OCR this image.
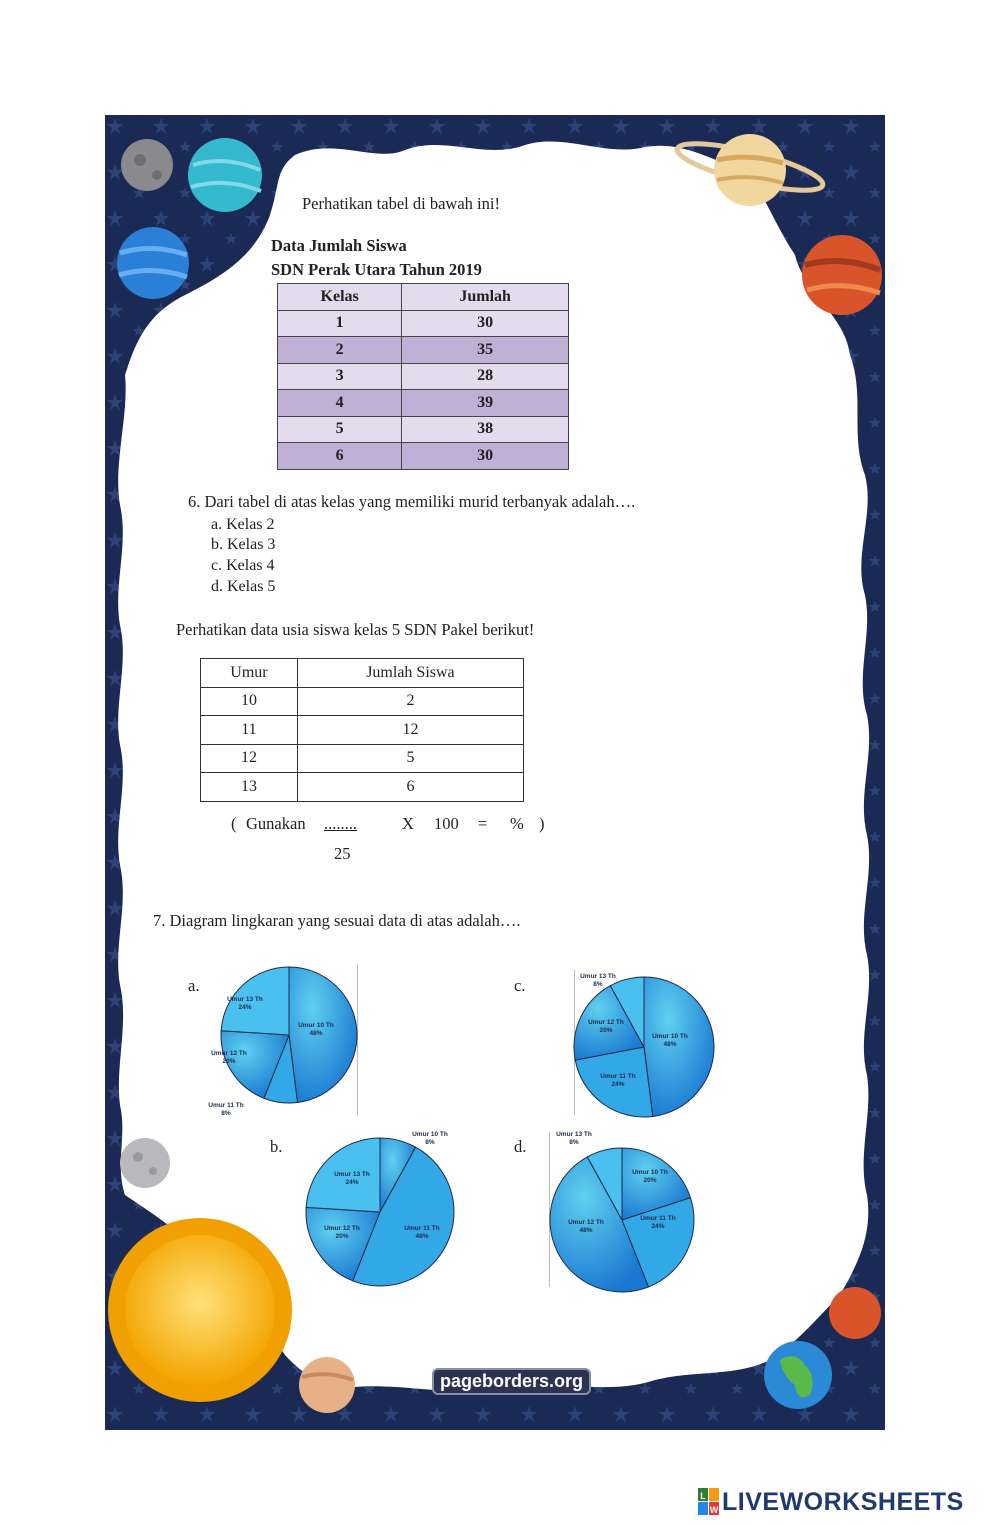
Perhatikan tabel di bawah ini!
Data Jumlah Siswa
SDN Perak Utara Tahun 2019
Kelas	Jumlah
1	30
2	35
3	28
4	39
5	38
6	30
6. Dari tabel di atas kelas yang memiliki murid terbanyak adalah….
a. Kelas 2
b. Kelas 3
c. Kelas 4
d. Kelas 5
Perhatikan data usia siswa kelas 5 SDN Pakel berikut!
Umur	Jumlah Siswa
10	2
11	12
12	5
13	6
( Gunakan ........	X 100 = % )
25
7. Diagram lingkaran yang sesuai data di atas adalah….
a.
b.
c.
d.
Umur 10 Th
48%
Umur 11 Th
8%
Umur 12 Th
20%
Umur 13 Th
24%
Umur 10 Th
8%
Umur 11 Th
48%
Umur 12 Th
20%
Umur 13 Th
24%
Umur 10 Th
48%
Umur 11 Th
24%
Umur 12 Th
20%
Umur 13 Th
8%
Umur 10 Th
20%
Umur 11 Th
24%
Umur 12 Th
48%
Umur 13 Th
8%
pageborders.org
L
W LIVEWORKSHEETS
